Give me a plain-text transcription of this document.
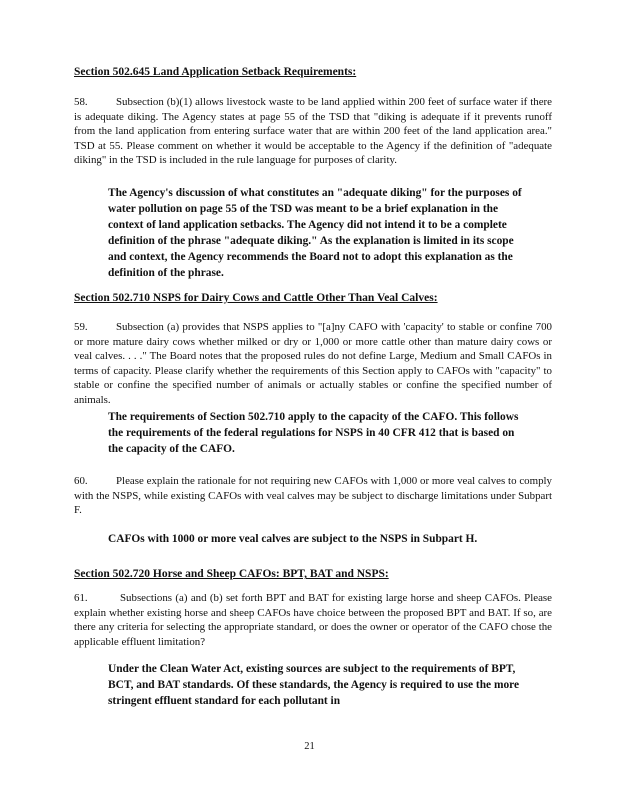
Section 502.645 Land Application Setback Requirements:
58.	Subsection (b)(1) allows livestock waste to be land applied within 200 feet of surface water if there is adequate diking. The Agency states at page 55 of the TSD that "diking is adequate if it prevents runoff from the land application from entering surface water that are within 200 feet of the land application area." TSD at 55. Please comment on whether it would be acceptable to the Agency if the definition of "adequate diking" in the TSD is included in the rule language for purposes of clarity.
The Agency's discussion of what constitutes an "adequate diking" for the purposes of water pollution on page 55 of the TSD was meant to be a brief explanation in the context of land application setbacks. The Agency did not intend it to be a complete definition of the phrase "adequate diking." As the explanation is limited in its scope and context, the Agency recommends the Board not to adopt this explanation as the definition of the phrase.
Section 502.710 NSPS for Dairy Cows and Cattle Other Than Veal Calves:
59.	Subsection (a) provides that NSPS applies to "[a]ny CAFO with 'capacity' to stable or confine 700 or more mature dairy cows whether milked or dry or 1,000 or more cattle other than mature dairy cows or veal calves. . . ." The Board notes that the proposed rules do not define Large, Medium and Small CAFOs in terms of capacity. Please clarify whether the requirements of this Section apply to CAFOs with "capacity" to stable or confine the specified number of animals or actually stables or confine the specified number of animals.
The requirements of Section 502.710 apply to the capacity of the CAFO. This follows the requirements of the federal regulations for NSPS in 40 CFR 412 that is based on the capacity of the CAFO.
60.	Please explain the rationale for not requiring new CAFOs with 1,000 or more veal calves to comply with the NSPS, while existing CAFOs with veal calves may be subject to discharge limitations under Subpart F.
CAFOs with 1000 or more veal calves are subject to the NSPS in Subpart H.
Section 502.720 Horse and Sheep CAFOs: BPT, BAT and NSPS:
61.	Subsections (a) and (b) set forth BPT and BAT for existing large horse and sheep CAFOs. Please explain whether existing horse and sheep CAFOs have choice between the proposed BPT and BAT. If so, are there any criteria for selecting the appropriate standard, or does the owner or operator of the CAFO chose the applicable effluent limitation?
Under the Clean Water Act, existing sources are subject to the requirements of BPT, BCT, and BAT standards. Of these standards, the Agency is required to use the more stringent effluent standard for each pollutant in
21
